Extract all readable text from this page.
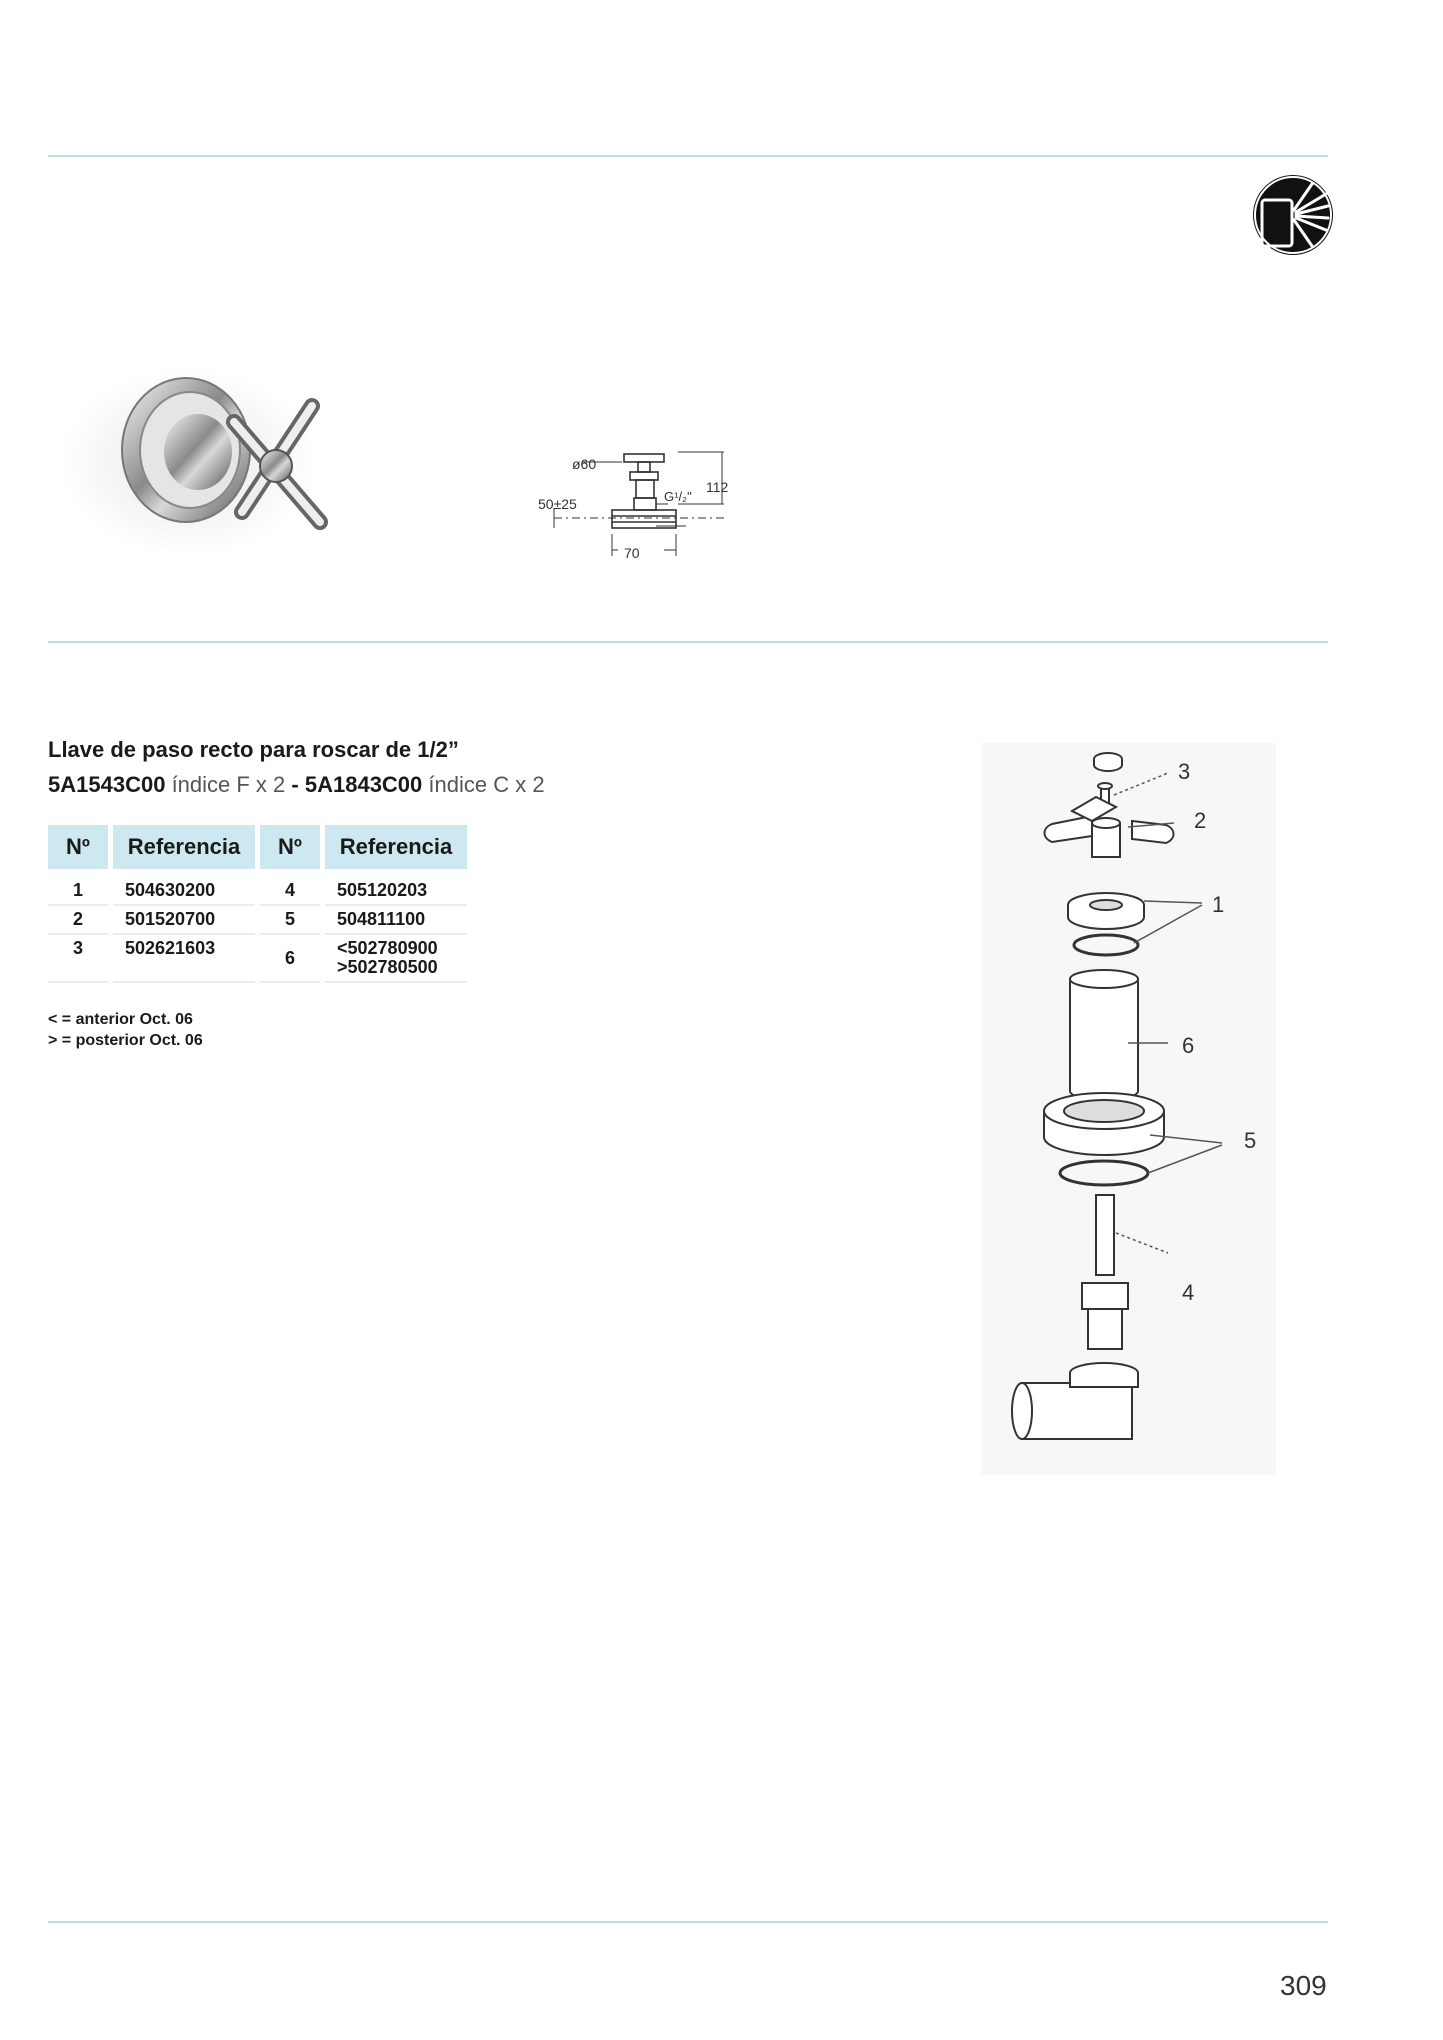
ø60
50±25	G¹/₂"
112
70
Llave de paso recto para roscar de 1/2”
5A1543C00 índice F x 2 - 5A1843C00 índice C x 2
Nº	Referencia	Nº	Referencia
1	504630200	4	505120203
2	501520700	5	504811100
3	502621603	6	<502780900
>502780500
< = anterior Oct. 06
> = posterior Oct. 06
3
2
1
6
5
4
309
